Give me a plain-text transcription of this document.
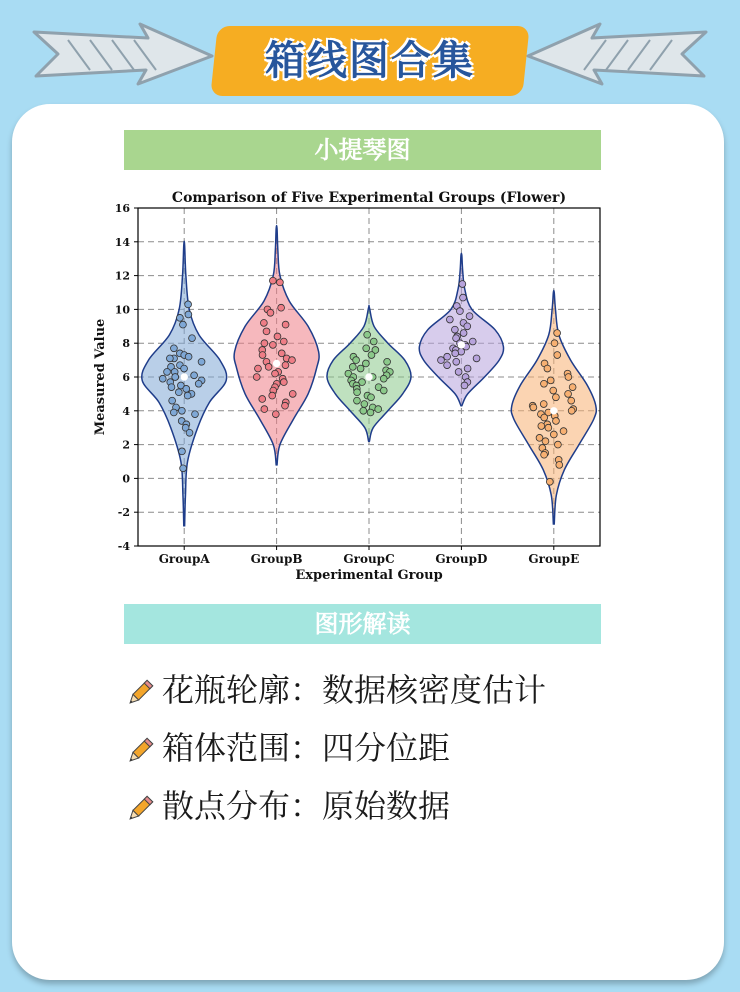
箱线图合集
小提琴图
-4
-2
0
2
4
6
8
10
12
14
16
GroupA	GroupB	GroupC	GroupD	GroupE
Comparison of Five Experimental Groups (Flower)
Experimental Group
Measured Value
图形解读
花瓶轮廓：数据核密度估计
箱体范围：四分位距
散点分布：原始数据
